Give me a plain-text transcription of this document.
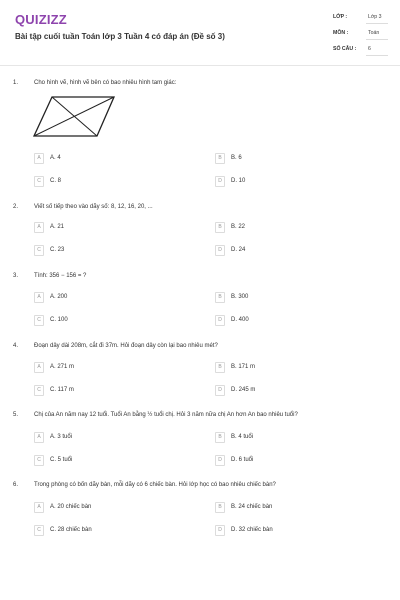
QUIZIZZ
Bài tập cuối tuần Toán lớp 3 Tuần 4 có đáp án (Đề số 3)
LỚP :	Lớp 3
MÔN :	Toán
SỐ CÂU : 6
1.	Cho hình vẽ, hình vẽ bên có bao nhiêu hình tam giác:
A	A. 4	B	B. 6
C	C. 8	D	D. 10
2.	Viết số tiếp theo vào dãy số: 8, 12, 16, 20, ...
A	A. 21	B	B. 22
C	C. 23	D	D. 24
3.	Tính: 356 − 156 = ?
A	A. 200	B	B. 300
C	C. 100	D	D. 400
4.	Đoạn dây dài 208m, cắt đi 37m. Hỏi đoạn dây còn lại bao nhiêu mét?
A	A. 271 m	B	B. 171 m
C	C. 117 m	D	D. 245 m
5.	Chị của An năm nay 12 tuổi. Tuổi An bằng ½ tuổi chị. Hỏi 3 năm nữa chị An hơn An bao nhiêu tuổi?
A	A. 3 tuổi	B	B. 4 tuổi
C	C. 5 tuổi	D	D. 6 tuổi
6.	Trong phòng có bốn dãy bàn, mỗi dãy có 6 chiếc bàn. Hỏi lớp học có bao nhiêu chiếc bàn?
A	A. 20 chiếc bàn	B	B. 24 chiếc bàn
C	C. 28 chiếc bàn	D	D. 32 chiếc bàn
